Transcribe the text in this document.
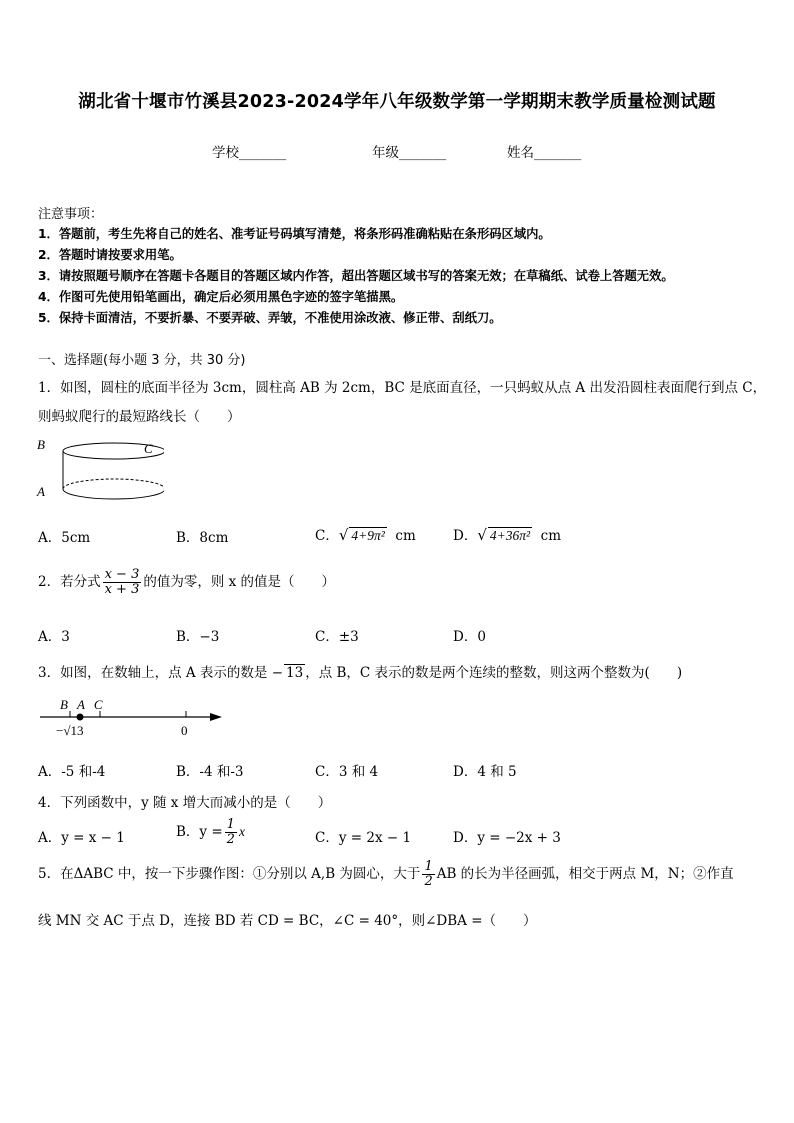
湖北省十堰市竹溪县2023-2024学年八年级数学第一学期期末教学质量检测试题
学校_______	年级_______	姓名_______
注意事项：
1．答题前，考生先将自己的姓名、准考证号码填写清楚，将条形码准确粘贴在条形码区域内。
2．答题时请按要求用笔。
3．请按照题号顺序在答题卡各题目的答题区域内作答，超出答题区域书写的答案无效；在草稿纸、试卷上答题无效。
4．作图可先使用铅笔画出，确定后必须用黑色字迹的签字笔描黑。
5．保持卡面清洁，不要折暴、不要弄破、弄皱，不准使用涂改液、修正带、刮纸刀。
一、选择题(每小题 3 分，共 30 分)
1．如图，圆柱的底面半径为 3cm，圆柱高 AB 为 2cm，BC 是底面直径，一只蚂蚁从点 A 出发沿圆柱表面爬行到点 C，
则蚂蚁爬行的最短路线长（　　）
B	C
A
A．5cm	B．8cm	C．√ 4+9π² cm	D．√ 4+36π² cm
2．若分式 $\frac{x - 3}{x + 3}$ 的值为零，则 x 的值是（　　）
A．3	B．−3	C．±3	D．0
3．如图，在数轴上，点 A 表示的数是 − 13 ，点 B，C 表示的数是两个连续的整数，则这两个整数为(　　)
B A C
−√13	0
A．-5 和-4	B．-4 和-3	C．3 和 4	D．4 和 5
4．下列函数中，y 随 x 增大而减小的是（　　）
A．y = x − 1	B．$y = \frac{1}{2}$ x	C．y = 2x − 1	D．y = −2x + 3
5．在ΔABC 中，按一下步骤作图：①分别以 A,B 为圆心，大于 $\frac{1}{2}$ AB 的长为半径画弧，相交于两点 M，N；②作直
线 MN 交 AC 于点 D，连接 BD 若 CD = BC，∠C = 40°，则∠DBA =（　　）
